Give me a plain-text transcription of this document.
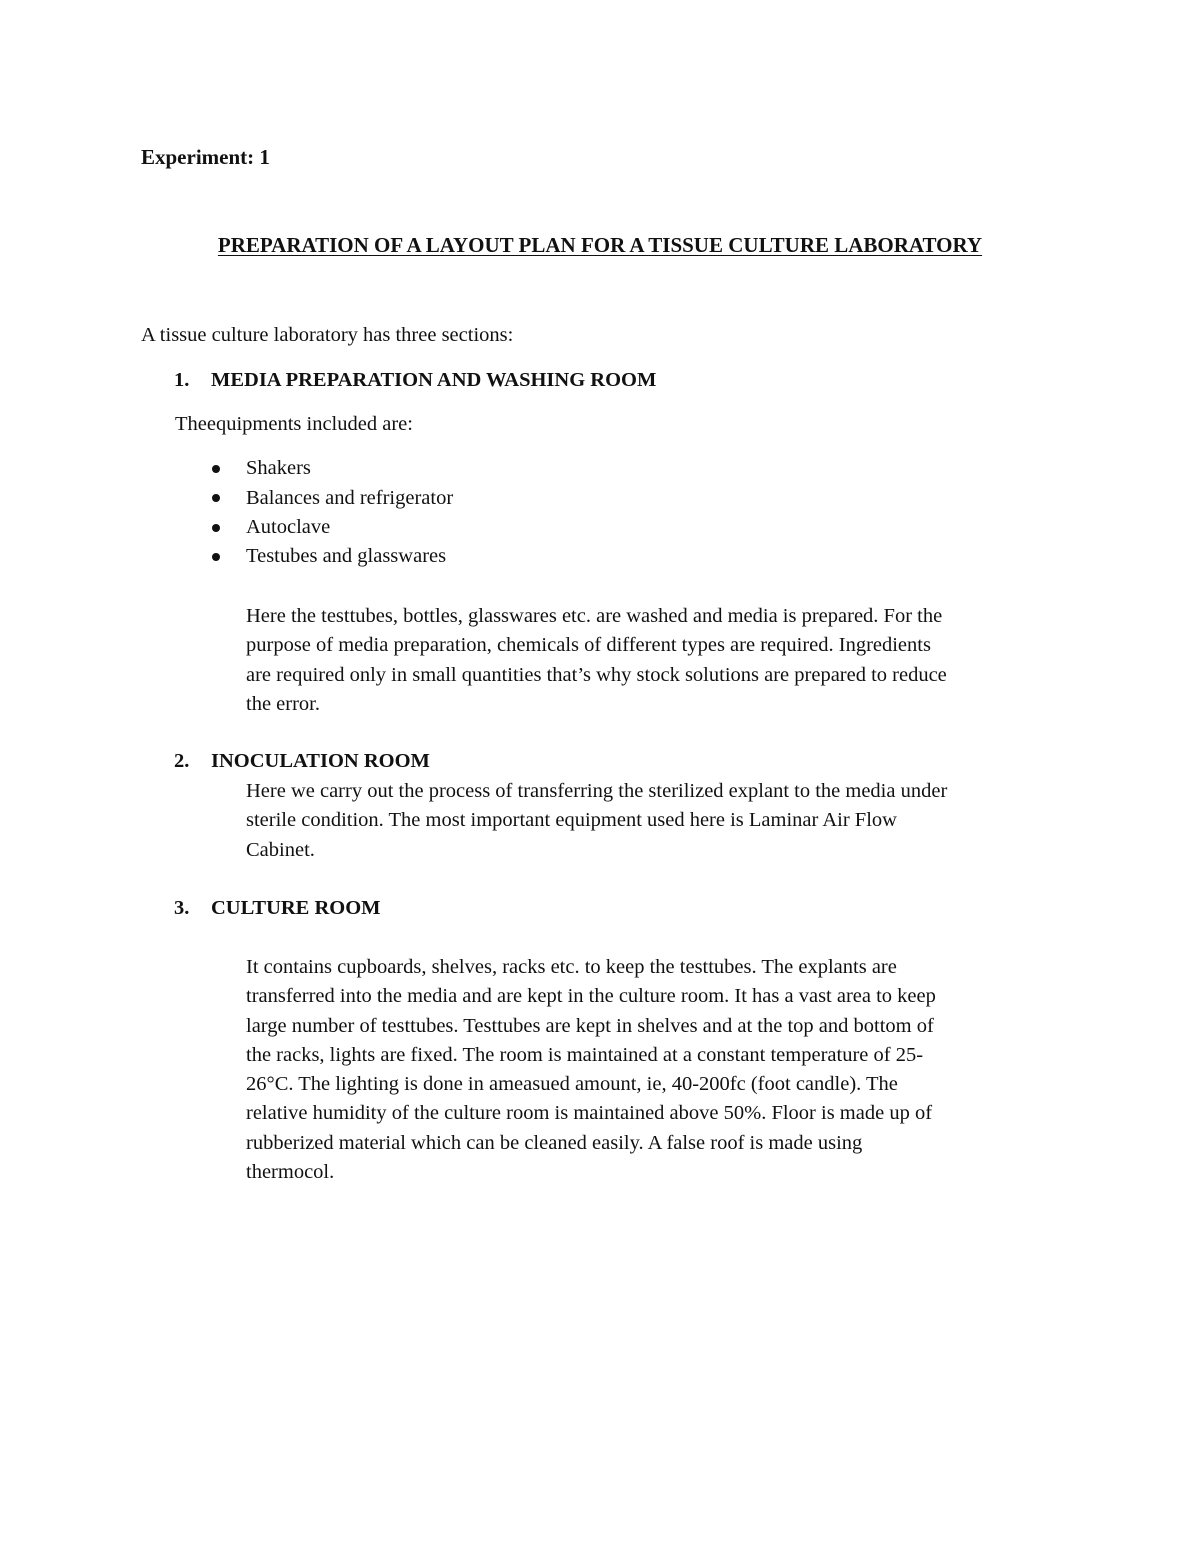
Experiment: 1
PREPARATION OF A LAYOUT PLAN FOR A TISSUE CULTURE LABORATORY
A tissue culture laboratory has three sections:
1. MEDIA PREPARATION AND WASHING ROOM
Theequipments included are:
Shakers
Balances and refrigerator
Autoclave
Testubes and glasswares
Here the testtubes, bottles, glasswares etc. are washed and media is prepared. For the
purpose of media preparation, chemicals of different types are required. Ingredients
are required only in small quantities that’s why stock solutions are prepared to reduce
the error.
2. INOCULATION ROOM
Here we carry out the process of transferring the sterilized explant to the media under
sterile condition. The most important equipment used here is Laminar Air Flow
Cabinet.
3. CULTURE ROOM
It contains cupboards, shelves, racks etc. to keep the testtubes. The explants are
transferred into the media and are kept in the culture room. It has a vast area to keep
large number of testtubes. Testtubes are kept in shelves and at the top and bottom of
the racks, lights are fixed. The room is maintained at a constant temperature of 25-
26°C. The lighting is done in ameasued amount, ie, 40-200fc (foot candle). The
relative humidity of the culture room is maintained above 50%. Floor is made up of
rubberized material which can be cleaned easily. A false roof is made using
thermocol.
